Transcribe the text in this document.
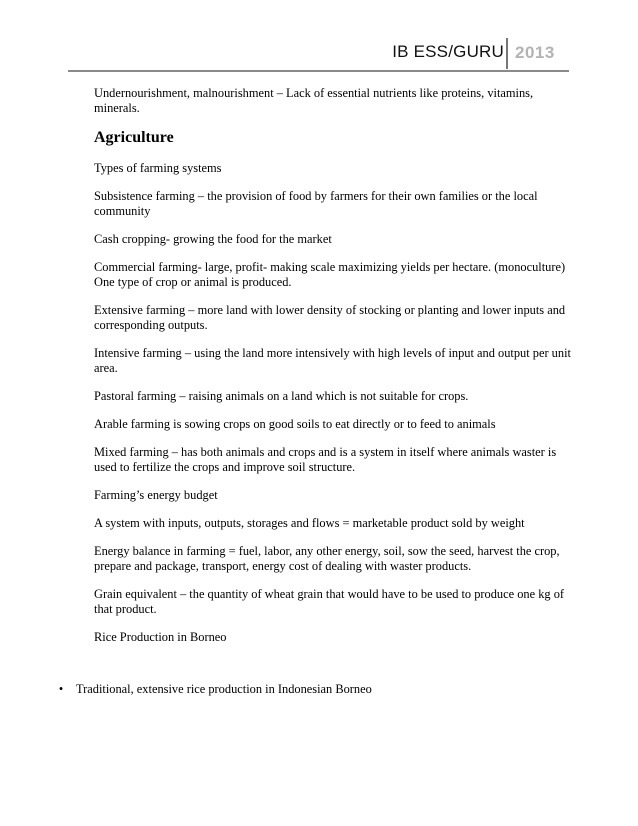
IB ESS/GURU 2013

Undernourishment, malnourishment – Lack of essential nutrients like proteins, vitamins, minerals.

Agriculture

Types of farming systems

Subsistence farming – the provision of food by farmers for their own families or the local community

Cash cropping- growing the food for the market

Commercial farming- large, profit- making scale maximizing yields per hectare. (monoculture)
One type of crop or animal is produced.

Extensive farming – more land with lower density of stocking or planting and lower inputs and corresponding outputs.

Intensive farming – using the land more intensively with high levels of input and output per unit area.

Pastoral farming – raising animals on a land which is not suitable for crops.

Arable farming is sowing crops on good soils to eat directly or to feed to animals

Mixed farming – has both animals and crops and is a system in itself where animals waster is used to fertilize the crops and improve soil structure.

Farming’s energy budget

A system with inputs, outputs, storages and flows = marketable product sold by weight

Energy balance in farming = fuel, labor, any other energy, soil, sow the seed, harvest the crop, prepare and package, transport, energy cost of dealing with waster products.

Grain equivalent – the quantity of wheat grain that would have to be used to produce one kg of that product.

Rice Production in Borneo

• Traditional, extensive rice production in Indonesian Borneo
